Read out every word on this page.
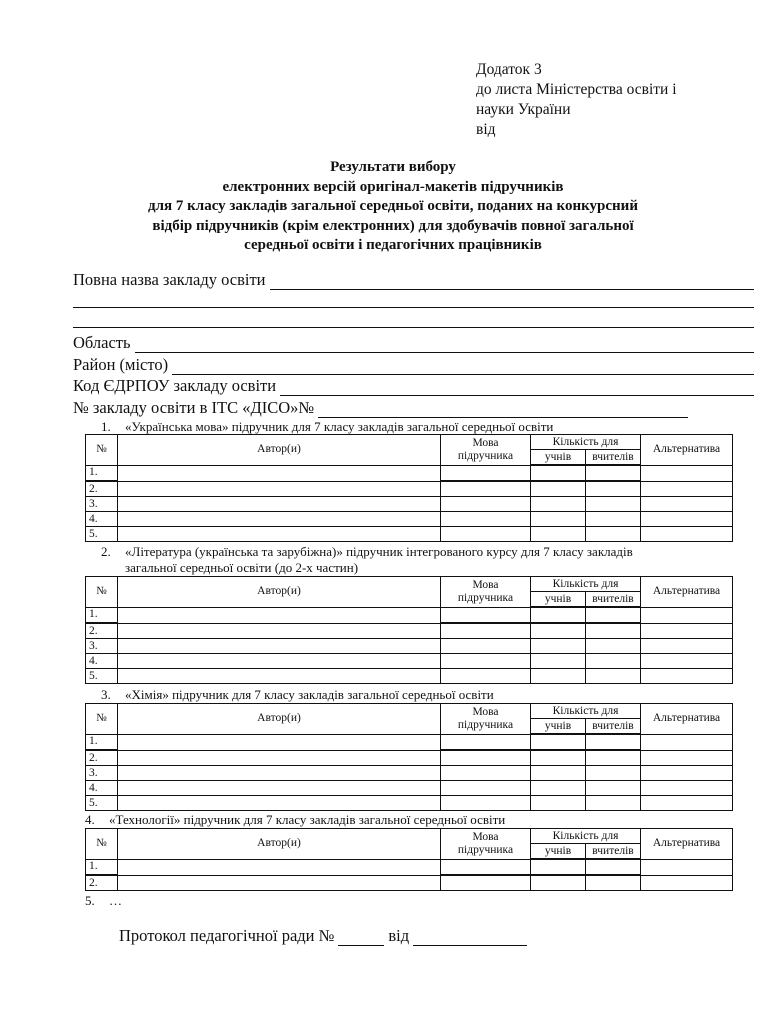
Додаток 3
до листа Міністерства освіти і
науки України
від
Результати вибору
електронних версій оригінал-макетів підручників
для 7 класу закладів загальної середньої освіти, поданих на конкурсний
відбір підручників (крім електронних) для здобувачів повної загальної
середньої освіти і педагогічних працівників
Повна назва закладу освіти
Область
Район (місто)
Код ЄДРПОУ закладу освіти
№ закладу освіти в ІТС «ДІСО»№
1. «Українська мова» підручник для 7 класу закладів загальної середньої освіти
№	Автор(и)	Мова
підручника	Кількість для		Альтернатива
			учнів	вчителів	
1.					
2.					
3.					
4.					
5.					
2. «Література (українська та зарубіжна)» підручник інтегрованого курсу для 7 класу закладів
загальної середньої освіти (до 2-х частин)
№	Автор(и)	Мова
підручника	Кількість для		Альтернатива
			учнів	вчителів	
1.					
2.					
3.					
4.					
5.					
3. «Хімія» підручник для 7 класу закладів загальної середньої освіти
№	Автор(и)	Мова
підручника	Кількість для		Альтернатива
			учнів	вчителів	
1.					
2.					
3.					
4.					
5.					
4. «Технології» підручник для 7 класу закладів загальної середньої освіти
№	Автор(и)	Мова
підручника	Кількість для		Альтернатива
			учнів	вчителів	
1.					
2.					
5. …
Протокол педагогічної ради №	від
